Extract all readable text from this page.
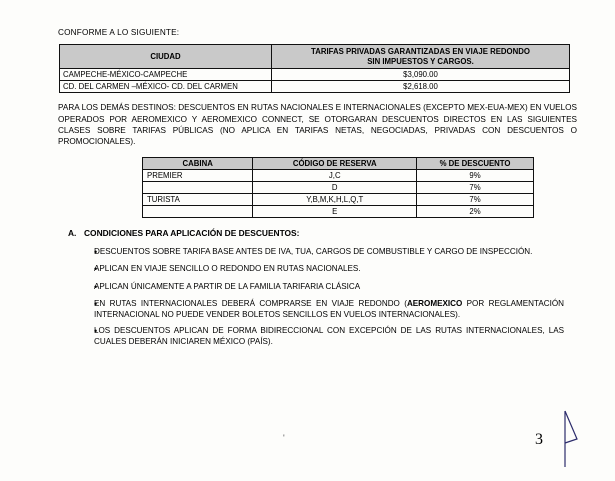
CONFORME A LO SIGUIENTE:
CIUDAD	TARIFAS PRIVADAS GARANTIZADAS EN VIAJE REDONDO
SIN IMPUESTOS Y CARGOS.

CAMPECHE-MÉXICO-CAMPECHE	$3,090.00
CD. DEL CARMEN –MÉXICO- CD. DEL CARMEN	$2,618.00
PARA LOS DEMÁS DESTINOS: DESCUENTOS EN RUTAS NACIONALES E INTERNACIONALES (EXCEPTO MEX-EUA-MEX) EN VUELOS OPERADOS POR AEROMEXICO Y AEROMEXICO CONNECT, SE OTORGARAN DESCUENTOS DIRECTOS EN LAS SIGUIENTES CLASES SOBRE TARIFAS PÚBLICAS (NO APLICA EN TARIFAS NETAS, NEGOCIADAS, PRIVADAS CON DESCUENTOS O PROMOCIONALES).
CABINA	CÓDIGO DE RESERVA	% DE DESCUENTO
PREMIER	J,C	9%
	D	7%
TURISTA	Y,B,M,K,H,L,Q,T	7%
	E	2%
A. CONDICIONES PARA APLICACIÓN DE DESCUENTOS:
•
DESCUENTOS SOBRE TARIFA BASE ANTES DE IVA, TUA, CARGOS DE COMBUSTIBLE Y CARGO DE INSPECCIÓN.
•
APLICAN EN VIAJE SENCILLO O REDONDO EN RUTAS NACIONALES.
•
APLICAN ÚNICAMENTE A PARTIR DE LA FAMILIA TARIFARIA CLÁSICA
•
EN RUTAS INTERNACIONALES DEBERÁ COMPRARSE EN VIAJE REDONDO (AEROMEXICO POR REGLAMENTACIÓN INTERNACIONAL NO PUEDE VENDER BOLETOS SENCILLOS EN VUELOS INTERNACIONALES).
•
LOS DESCUENTOS APLICAN DE FORMA BIDIRECCIONAL CON EXCEPCIÓN DE LAS RUTAS INTERNACIONALES, LAS CUALES DEBERÁN INICIAREN MÉXICO (PAÍS).
'	3
